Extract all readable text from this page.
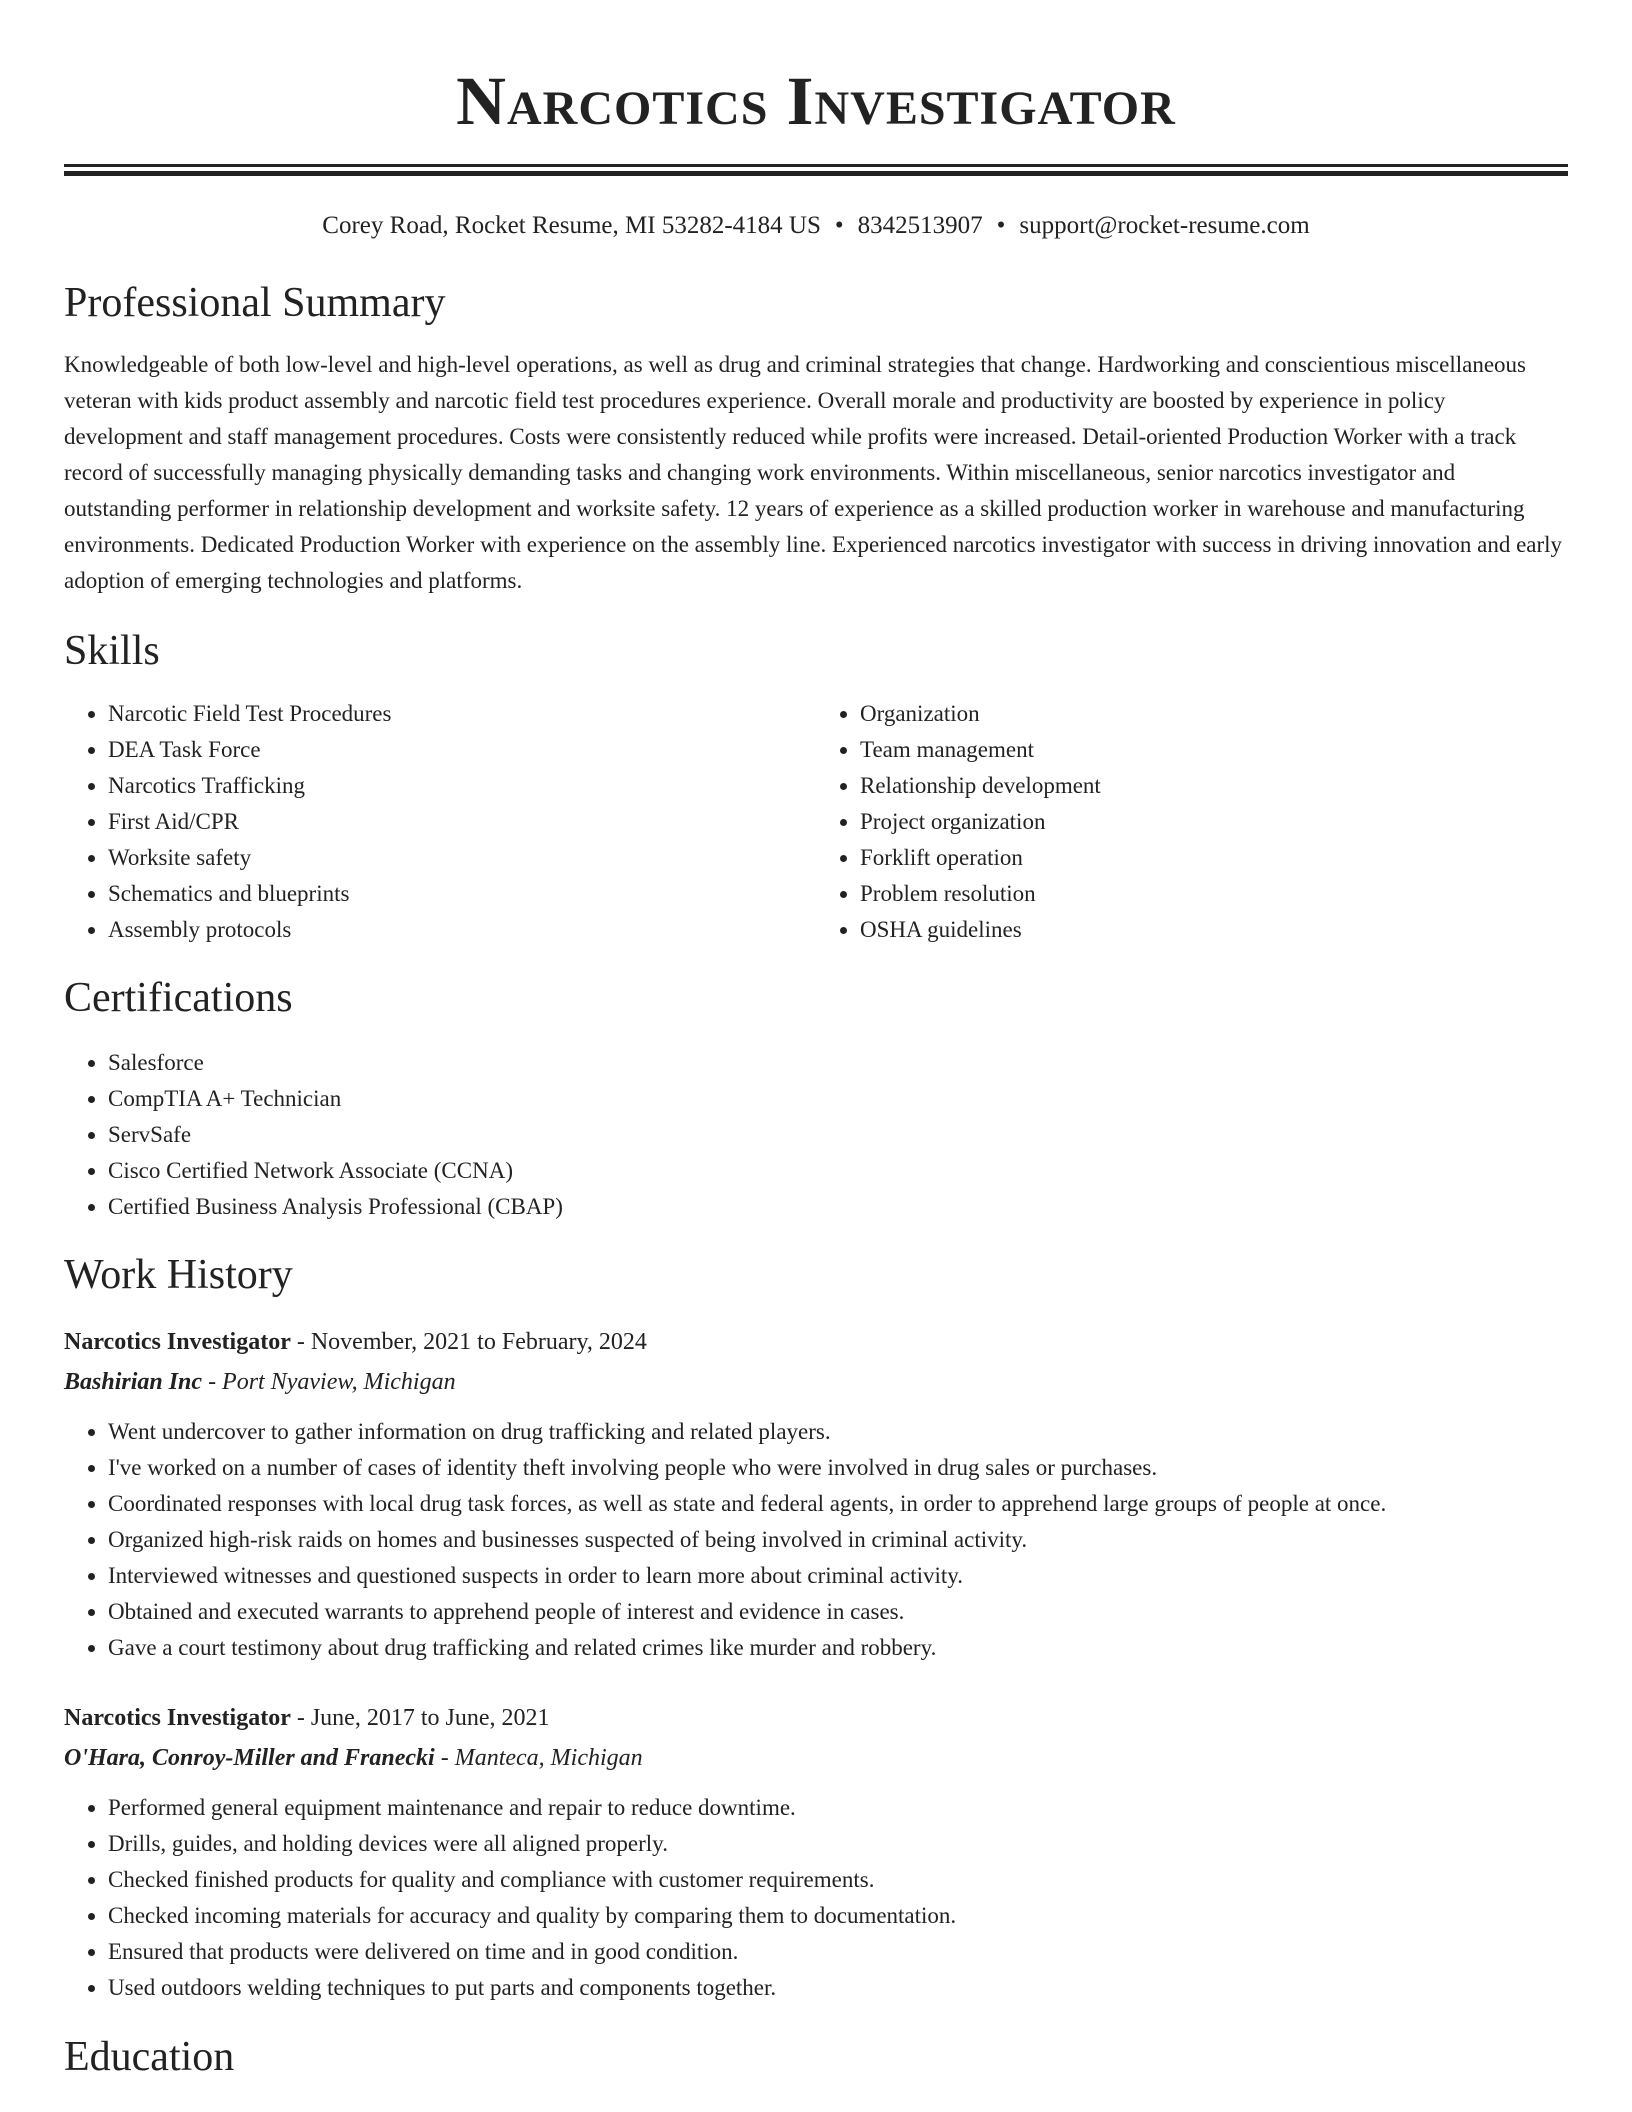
Narcotics Investigator
Corey Road, Rocket Resume, MI 53282-4184 US • 8342513907 • support@rocket-resume.com
Professional Summary
Knowledgeable of both low-level and high-level operations, as well as drug and criminal strategies that change. Hardworking and conscientious miscellaneous veteran with kids product assembly and narcotic field test procedures experience. Overall morale and productivity are boosted by experience in policy development and staff management procedures. Costs were consistently reduced while profits were increased. Detail-oriented Production Worker with a track record of successfully managing physically demanding tasks and changing work environments. Within miscellaneous, senior narcotics investigator and outstanding performer in relationship development and worksite safety. 12 years of experience as a skilled production worker in warehouse and manufacturing environments. Dedicated Production Worker with experience on the assembly line. Experienced narcotics investigator with success in driving innovation and early adoption of emerging technologies and platforms.
Skills
• Narcotic Field Test Procedures
• DEA Task Force
• Narcotics Trafficking
• First Aid/CPR
• Worksite safety
• Schematics and blueprints
• Assembly protocols
• Organization
• Team management
• Relationship development
• Project organization
• Forklift operation
• Problem resolution
• OSHA guidelines
Certifications
• Salesforce
• CompTIA A+ Technician
• ServSafe
• Cisco Certified Network Associate (CCNA)
• Certified Business Analysis Professional (CBAP)
Work History
Narcotics Investigator - November, 2021 to February, 2024
Bashirian Inc - Port Nyaview, Michigan
• Went undercover to gather information on drug trafficking and related players.
• I've worked on a number of cases of identity theft involving people who were involved in drug sales or purchases.
• Coordinated responses with local drug task forces, as well as state and federal agents, in order to apprehend large groups of people at once.
• Organized high-risk raids on homes and businesses suspected of being involved in criminal activity.
• Interviewed witnesses and questioned suspects in order to learn more about criminal activity.
• Obtained and executed warrants to apprehend people of interest and evidence in cases.
• Gave a court testimony about drug trafficking and related crimes like murder and robbery.
Narcotics Investigator - June, 2017 to June, 2021
O'Hara, Conroy-Miller and Franecki - Manteca, Michigan
• Performed general equipment maintenance and repair to reduce downtime.
• Drills, guides, and holding devices were all aligned properly.
• Checked finished products for quality and compliance with customer requirements.
• Checked incoming materials for accuracy and quality by comparing them to documentation.
• Ensured that products were delivered on time and in good condition.
• Used outdoors welding techniques to put parts and components together.
Education
